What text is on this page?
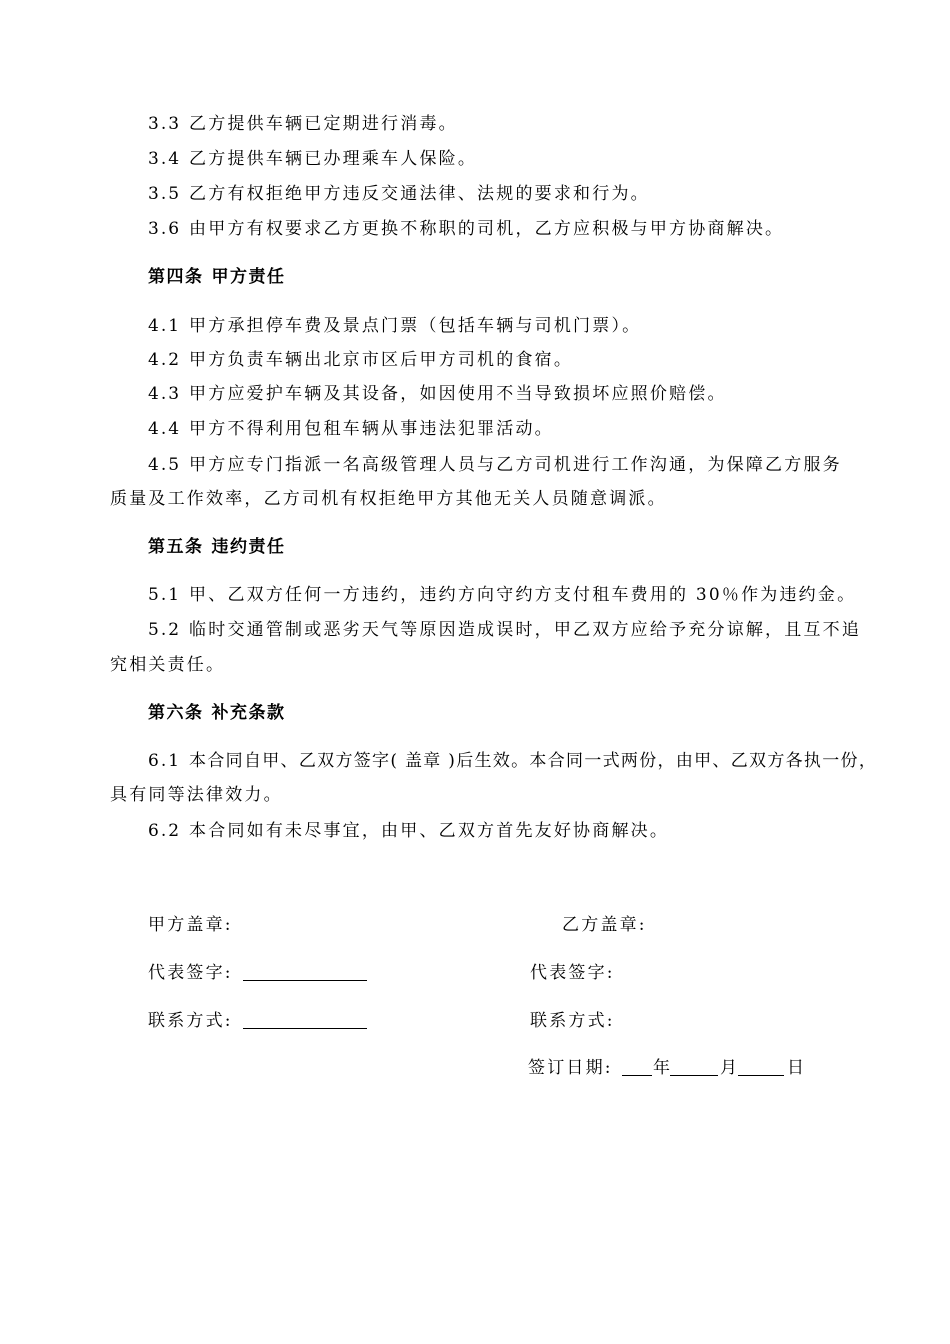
3.3 乙方提供车辆已定期进行消毒。
3.4 乙方提供车辆已办理乘车人保险。
3.5 乙方有权拒绝甲方违反交通法律、法规的要求和行为。
3.6 由甲方有权要求乙方更换不称职的司机，乙方应积极与甲方协商解决。
第四条 甲方责任
4.1 甲方承担停车费及景点门票（包括车辆与司机门票）。
4.2 甲方负责车辆出北京市区后甲方司机的食宿。
4.3 甲方应爱护车辆及其设备，如因使用不当导致损坏应照价赔偿。
4.4 甲方不得利用包租车辆从事违法犯罪活动。
4.5 甲方应专门指派一名高级管理人员与乙方司机进行工作沟通，为保障乙方服务
质量及工作效率，乙方司机有权拒绝甲方其他无关人员随意调派。
第五条 违约责任
5.1 甲、乙双方任何一方违约，违约方向守约方支付租车费用的 30％作为违约金。
5.2 临时交通管制或恶劣天气等原因造成误时，甲乙双方应给予充分谅解，且互不追
究相关责任。
第六条 补充条款
6.1 本合同自甲、乙双方签字( 盖章 )后生效。本合同一式两份，由甲、乙双方各执一份，
具有同等法律效力。
6.2 本合同如有未尽事宜，由甲、乙双方首先友好协商解决。
甲方盖章:	乙方盖章:
代表签字:	代表签字:
联系方式:	联系方式:
签订日期: 年	月	日
